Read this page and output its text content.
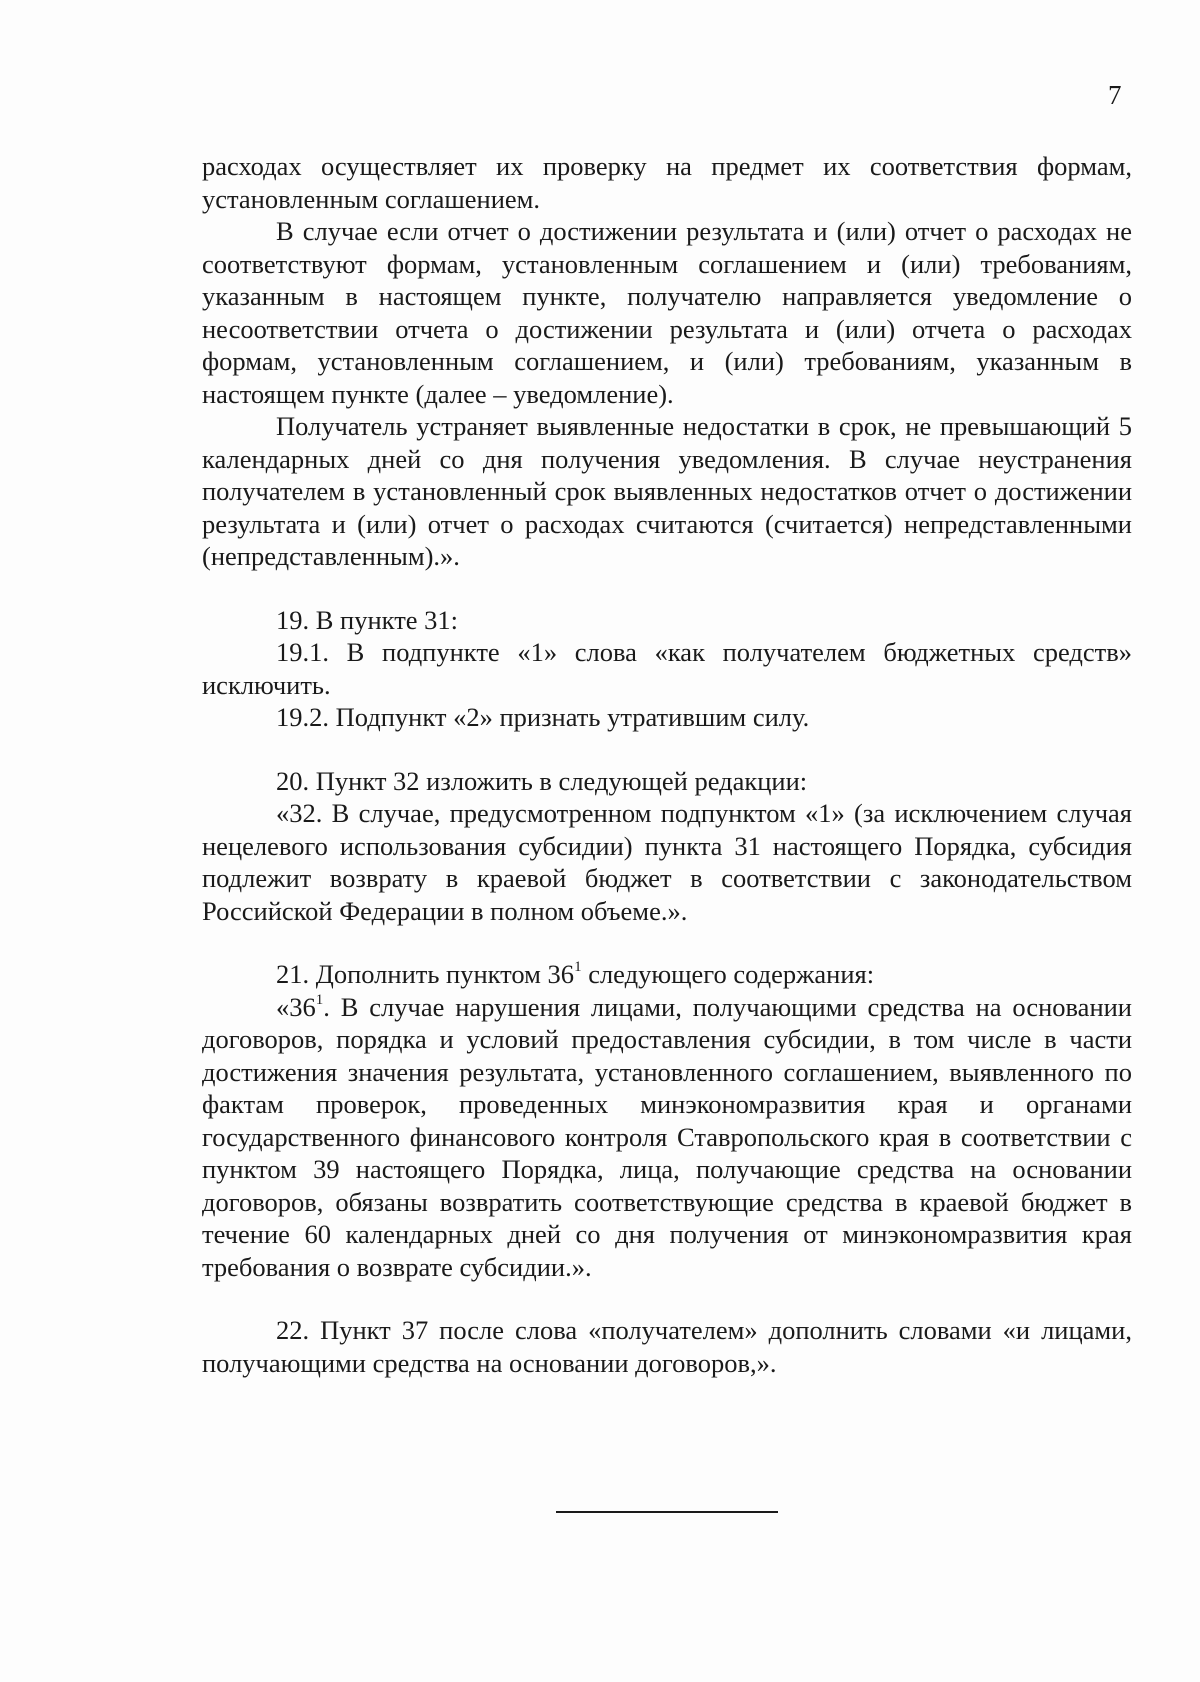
7

расходах осуществляет их проверку на предмет их соответствия формам, установленным соглашением.

В случае если отчет о достижении результата и (или) отчет о расходах не соответствуют формам, установленным соглашением и (или) требованиям, указанным в настоящем пункте, получателю направляется уведомление о несоответствии отчета о достижении результата и (или) отчета о расходах формам, установленным соглашением, и (или) требованиям, указанным в настоящем пункте (далее – уведомление).

Получатель устраняет выявленные недостатки в срок, не превышающий 5 календарных дней со дня получения уведомления. В случае неустранения получателем в установленный срок выявленных недостатков отчет о достижении результата и (или) отчет о расходах считаются (считается) непредставленными (непредставленным).».

19. В пункте 31:

19.1. В подпункте «1» слова «как получателем бюджетных средств» исключить.

19.2. Подпункт «2» признать утратившим силу.

20. Пункт 32 изложить в следующей редакции:

«32. В случае, предусмотренном подпунктом «1» (за исключением случая нецелевого использования субсидии) пункта 31 настоящего Порядка, субсидия подлежит возврату в краевой бюджет в соответствии с законодательством Российской Федерации в полном объеме.».

21. Дополнить пунктом $36^1$ следующего содержания:

«$36^1$. В случае нарушения лицами, получающими средства на основании договоров, порядка и условий предоставления субсидии, в том числе в части достижения значения результата, установленного соглашением, выявленного по фактам проверок, проведенных минэкономразвития края и органами государственного финансового контроля Ставропольского края в соответствии с пунктом 39 настоящего Порядка, лица, получающие средства на основании договоров, обязаны возвратить соответствующие средства в краевой бюджет в течение 60 календарных дней со дня получения от минэкономразвития края требования о возврате субсидии.».

22. Пункт 37 после слова «получателем» дополнить словами «и лицами, получающими средства на основании договоров,».
